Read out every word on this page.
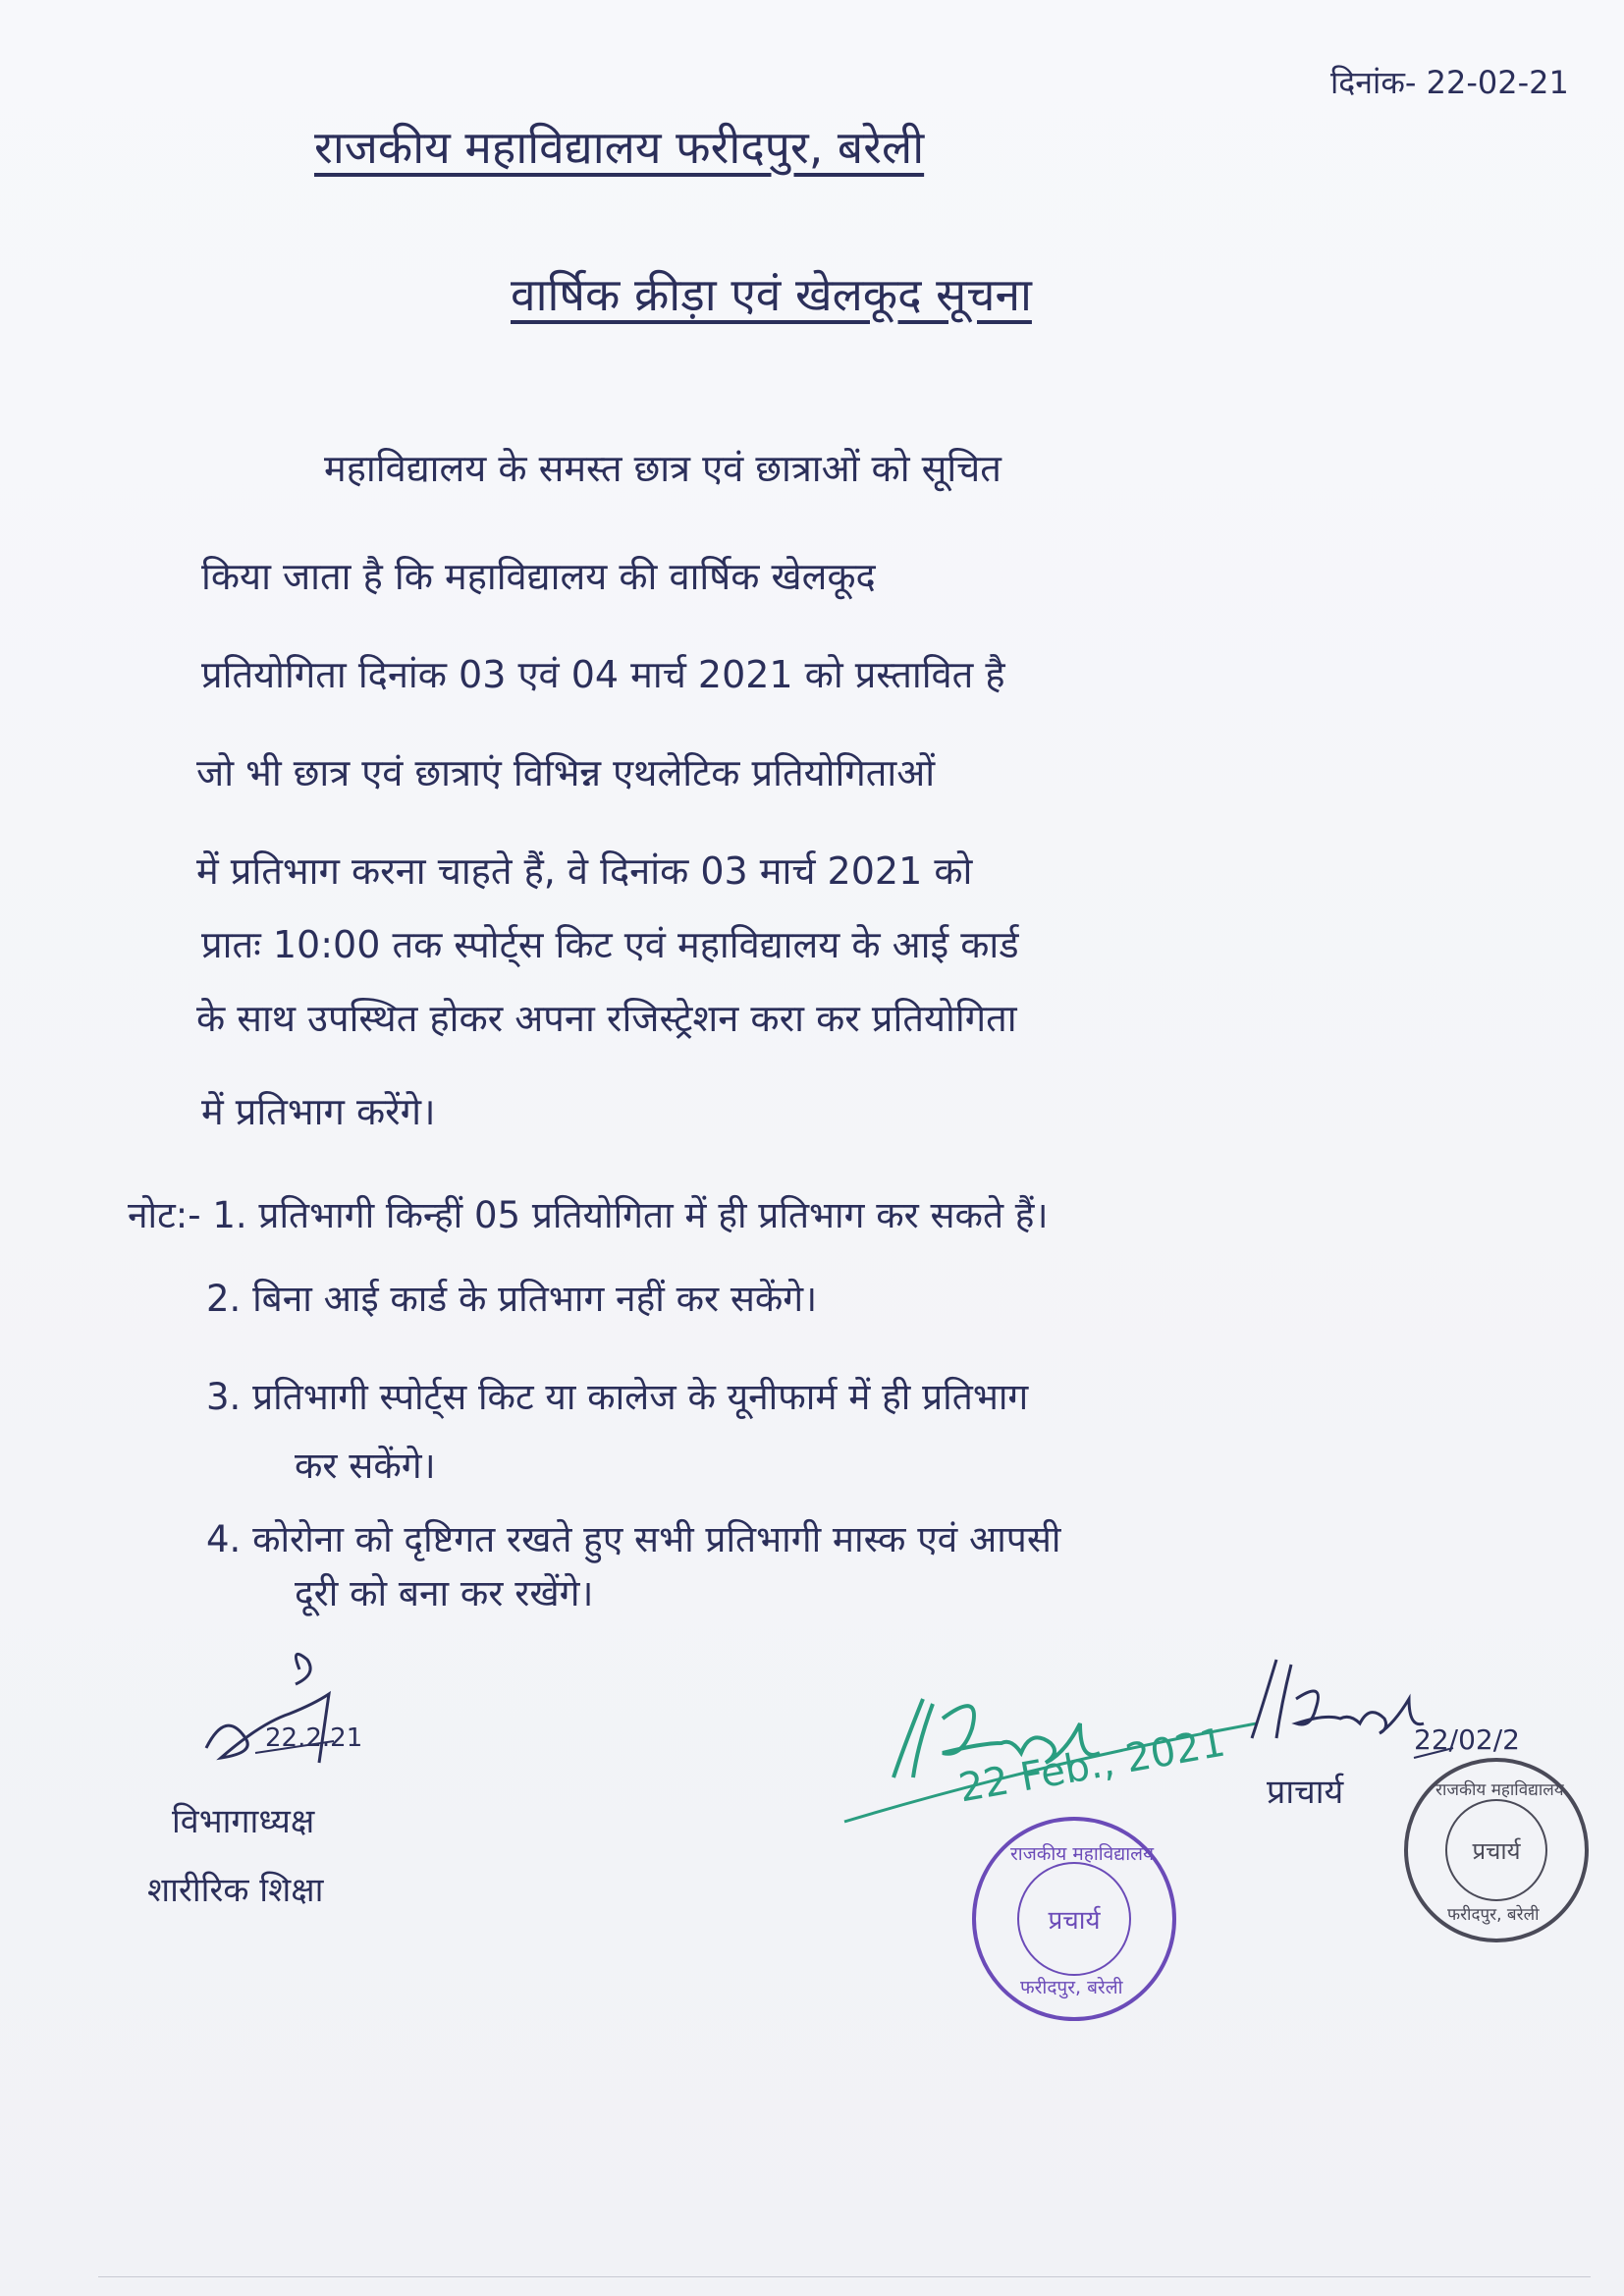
दिनांक- 22-02-21
राजकीय महाविद्यालय फरीदपुर, बरेली
वार्षिक क्रीड़ा एवं खेलकूद सूचना
महाविद्यालय के समस्त छात्र एवं छात्राओं को सूचित
किया जाता है कि महाविद्यालय की वार्षिक खेलकूद
प्रतियोगिता दिनांक 03 एवं 04 मार्च 2021 को प्रस्तावित है
जो भी छात्र एवं छात्राएं विभिन्न एथलेटिक प्रतियोगिताओं
में प्रतिभाग करना चाहते हैं, वे दिनांक 03 मार्च 2021 को
प्रातः 10:00 तक स्पोर्ट्स किट एवं महाविद्यालय के आई कार्ड
के साथ उपस्थित होकर अपना रजिस्ट्रेशन करा कर प्रतियोगिता
में प्रतिभाग करेंगे।
नोट:- 1. प्रतिभागी किन्हीं 05 प्रतियोगिता में ही प्रतिभाग कर सकते हैं।
2. बिना आई कार्ड के प्रतिभाग नहीं कर सकेंगे।
3. प्रतिभागी स्पोर्ट्स किट या कालेज के यूनीफार्म में ही प्रतिभाग
कर सकेंगे।
4. कोरोना को दृष्टिगत रखते हुए सभी प्रतिभागी मास्क एवं आपसी
दूरी को बना कर रखेंगे।
22.2.21
विभागाध्यक्ष
शारीरिक शिक्षा
22 Feb., 2021	22/02/2
प्राचार्य
प्रचार्य
राजकीय महाविद्यालय
फरीदपुर, बरेली
प्रचार्य
राजकीय महाविद्यालय
फरीदपुर, बरेली
